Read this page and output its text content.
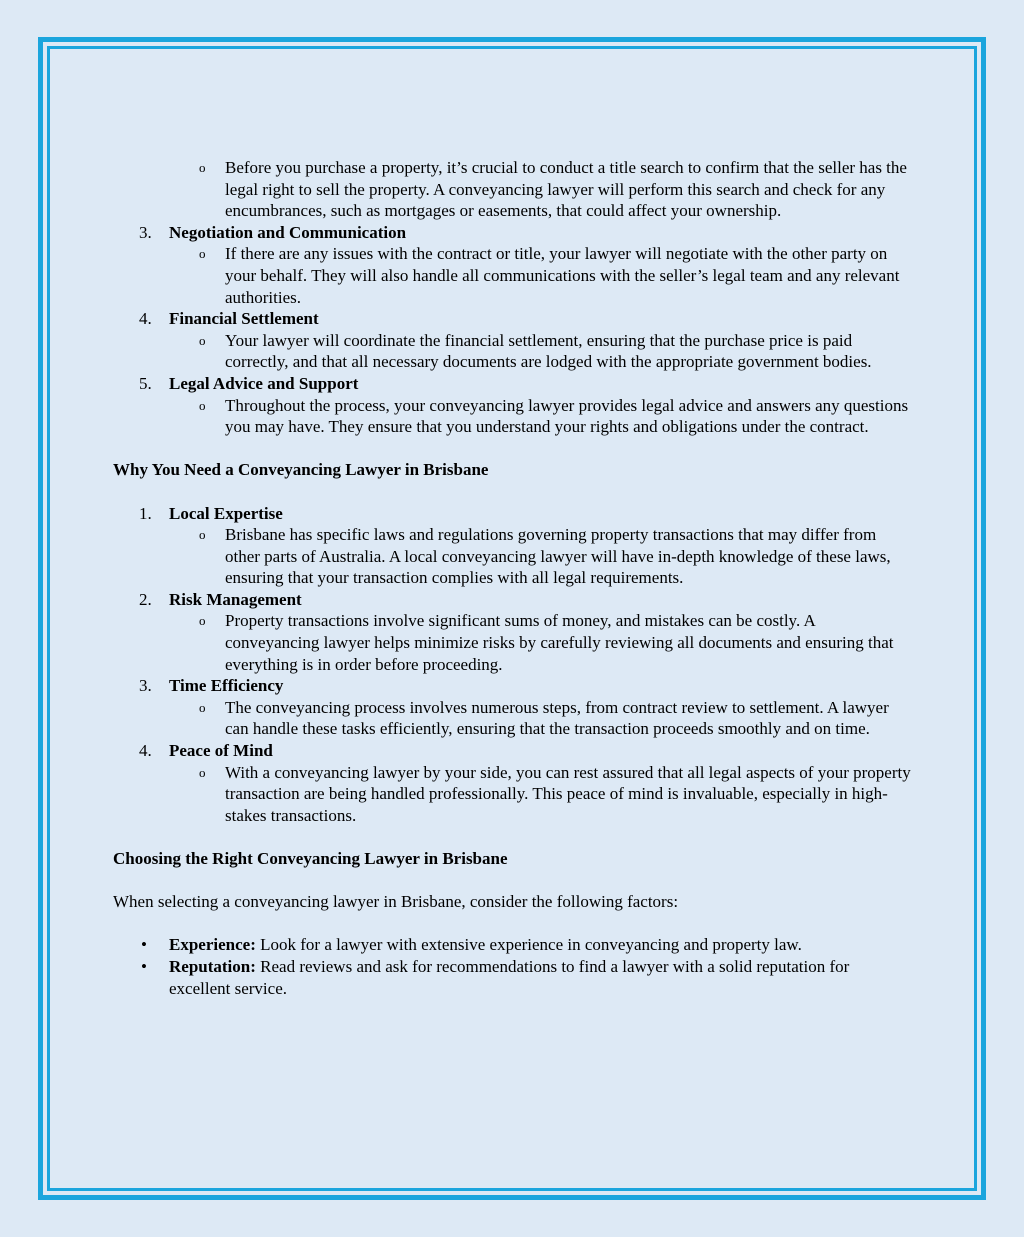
o Before you purchase a property, it’s crucial to conduct a title search to confirm that the seller has the legal right to sell the property. A conveyancing lawyer will perform this search and check for any encumbrances, such as mortgages or easements, that could affect your ownership.
3. Negotiation and Communication
o If there are any issues with the contract or title, your lawyer will negotiate with the other party on your behalf. They will also handle all communications with the seller’s legal team and any relevant authorities.
4. Financial Settlement
o Your lawyer will coordinate the financial settlement, ensuring that the purchase price is paid correctly, and that all necessary documents are lodged with the appropriate government bodies.
5. Legal Advice and Support
o Throughout the process, your conveyancing lawyer provides legal advice and answers any questions you may have. They ensure that you understand your rights and obligations under the contract.
Why You Need a Conveyancing Lawyer in Brisbane
1. Local Expertise
o Brisbane has specific laws and regulations governing property transactions that may differ from other parts of Australia. A local conveyancing lawyer will have in-depth knowledge of these laws, ensuring that your transaction complies with all legal requirements.
2. Risk Management
o Property transactions involve significant sums of money, and mistakes can be costly. A conveyancing lawyer helps minimize risks by carefully reviewing all documents and ensuring that everything is in order before proceeding.
3. Time Efficiency
o The conveyancing process involves numerous steps, from contract review to settlement. A lawyer can handle these tasks efficiently, ensuring that the transaction proceeds smoothly and on time.
4. Peace of Mind
o With a conveyancing lawyer by your side, you can rest assured that all legal aspects of your property transaction are being handled professionally. This peace of mind is invaluable, especially in high-stakes transactions.
Choosing the Right Conveyancing Lawyer in Brisbane
When selecting a conveyancing lawyer in Brisbane, consider the following factors:
• Experience: Look for a lawyer with extensive experience in conveyancing and property law.
• Reputation: Read reviews and ask for recommendations to find a lawyer with a solid reputation for excellent service.
